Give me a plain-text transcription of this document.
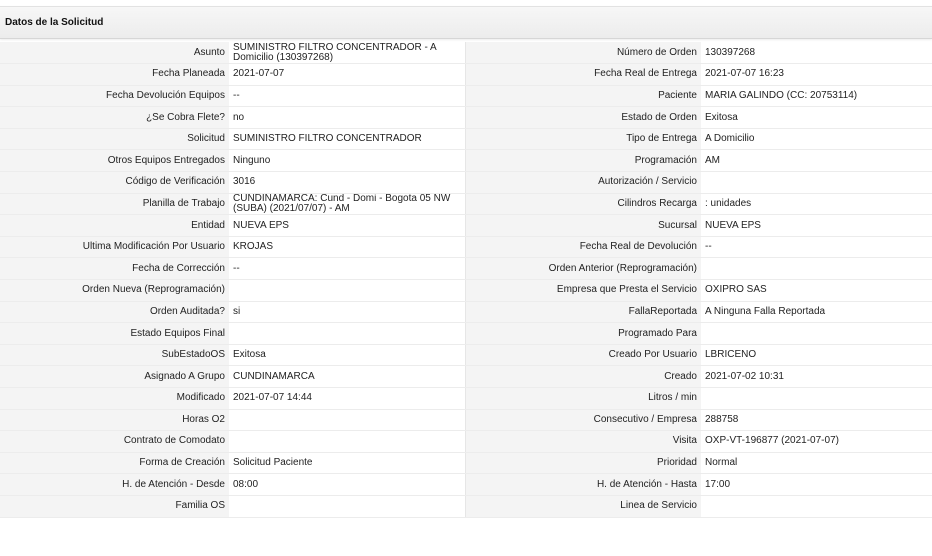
Datos de la Solicitud
Asunto	SUMINISTRO FILTRO CONCENTRADOR - A Domicilio (130397268)	Número de Orden	130397268
Fecha Planeada	2021-07-07	Fecha Real de Entrega	2021-07-07 16:23
Fecha Devolución Equipos	--	Paciente	MARIA GALINDO (CC: 20753114)
¿Se Cobra Flete?	no	Estado de Orden	Exitosa
Solicitud	SUMINISTRO FILTRO CONCENTRADOR	Tipo de Entrega	A Domicilio
Otros Equipos Entregados	Ninguno	Programación	AM
Código de Verificación	3016	Autorización / Servicio	
Planilla de Trabajo	CUNDINAMARCA: Cund - Domi - Bogota 05 NW (SUBA) (2021/07/07) - AM	Cilindros Recarga	: unidades
Entidad	NUEVA EPS	Sucursal	NUEVA EPS
Ultima Modificación Por Usuario	KROJAS	Fecha Real de Devolución	--
Fecha de Corrección	--	Orden Anterior (Reprogramación)	
Orden Nueva (Reprogramación)		Empresa que Presta el Servicio	OXIPRO SAS
Orden Auditada?	si	FallaReportada	A Ninguna Falla Reportada
Estado Equipos Final		Programado Para	
SubEstadoOS	Exitosa	Creado Por Usuario	LBRICENO
Asignado A Grupo	CUNDINAMARCA	Creado	2021-07-02 10:31
Modificado	2021-07-07 14:44	Litros / min	
Horas O2		Consecutivo / Empresa	288758
Contrato de Comodato		Visita	OXP-VT-196877 (2021-07-07)
Forma de Creación	Solicitud Paciente	Prioridad	Normal
H. de Atención - Desde	08:00	H. de Atención - Hasta	17:00
Familia OS		Linea de Servicio	
